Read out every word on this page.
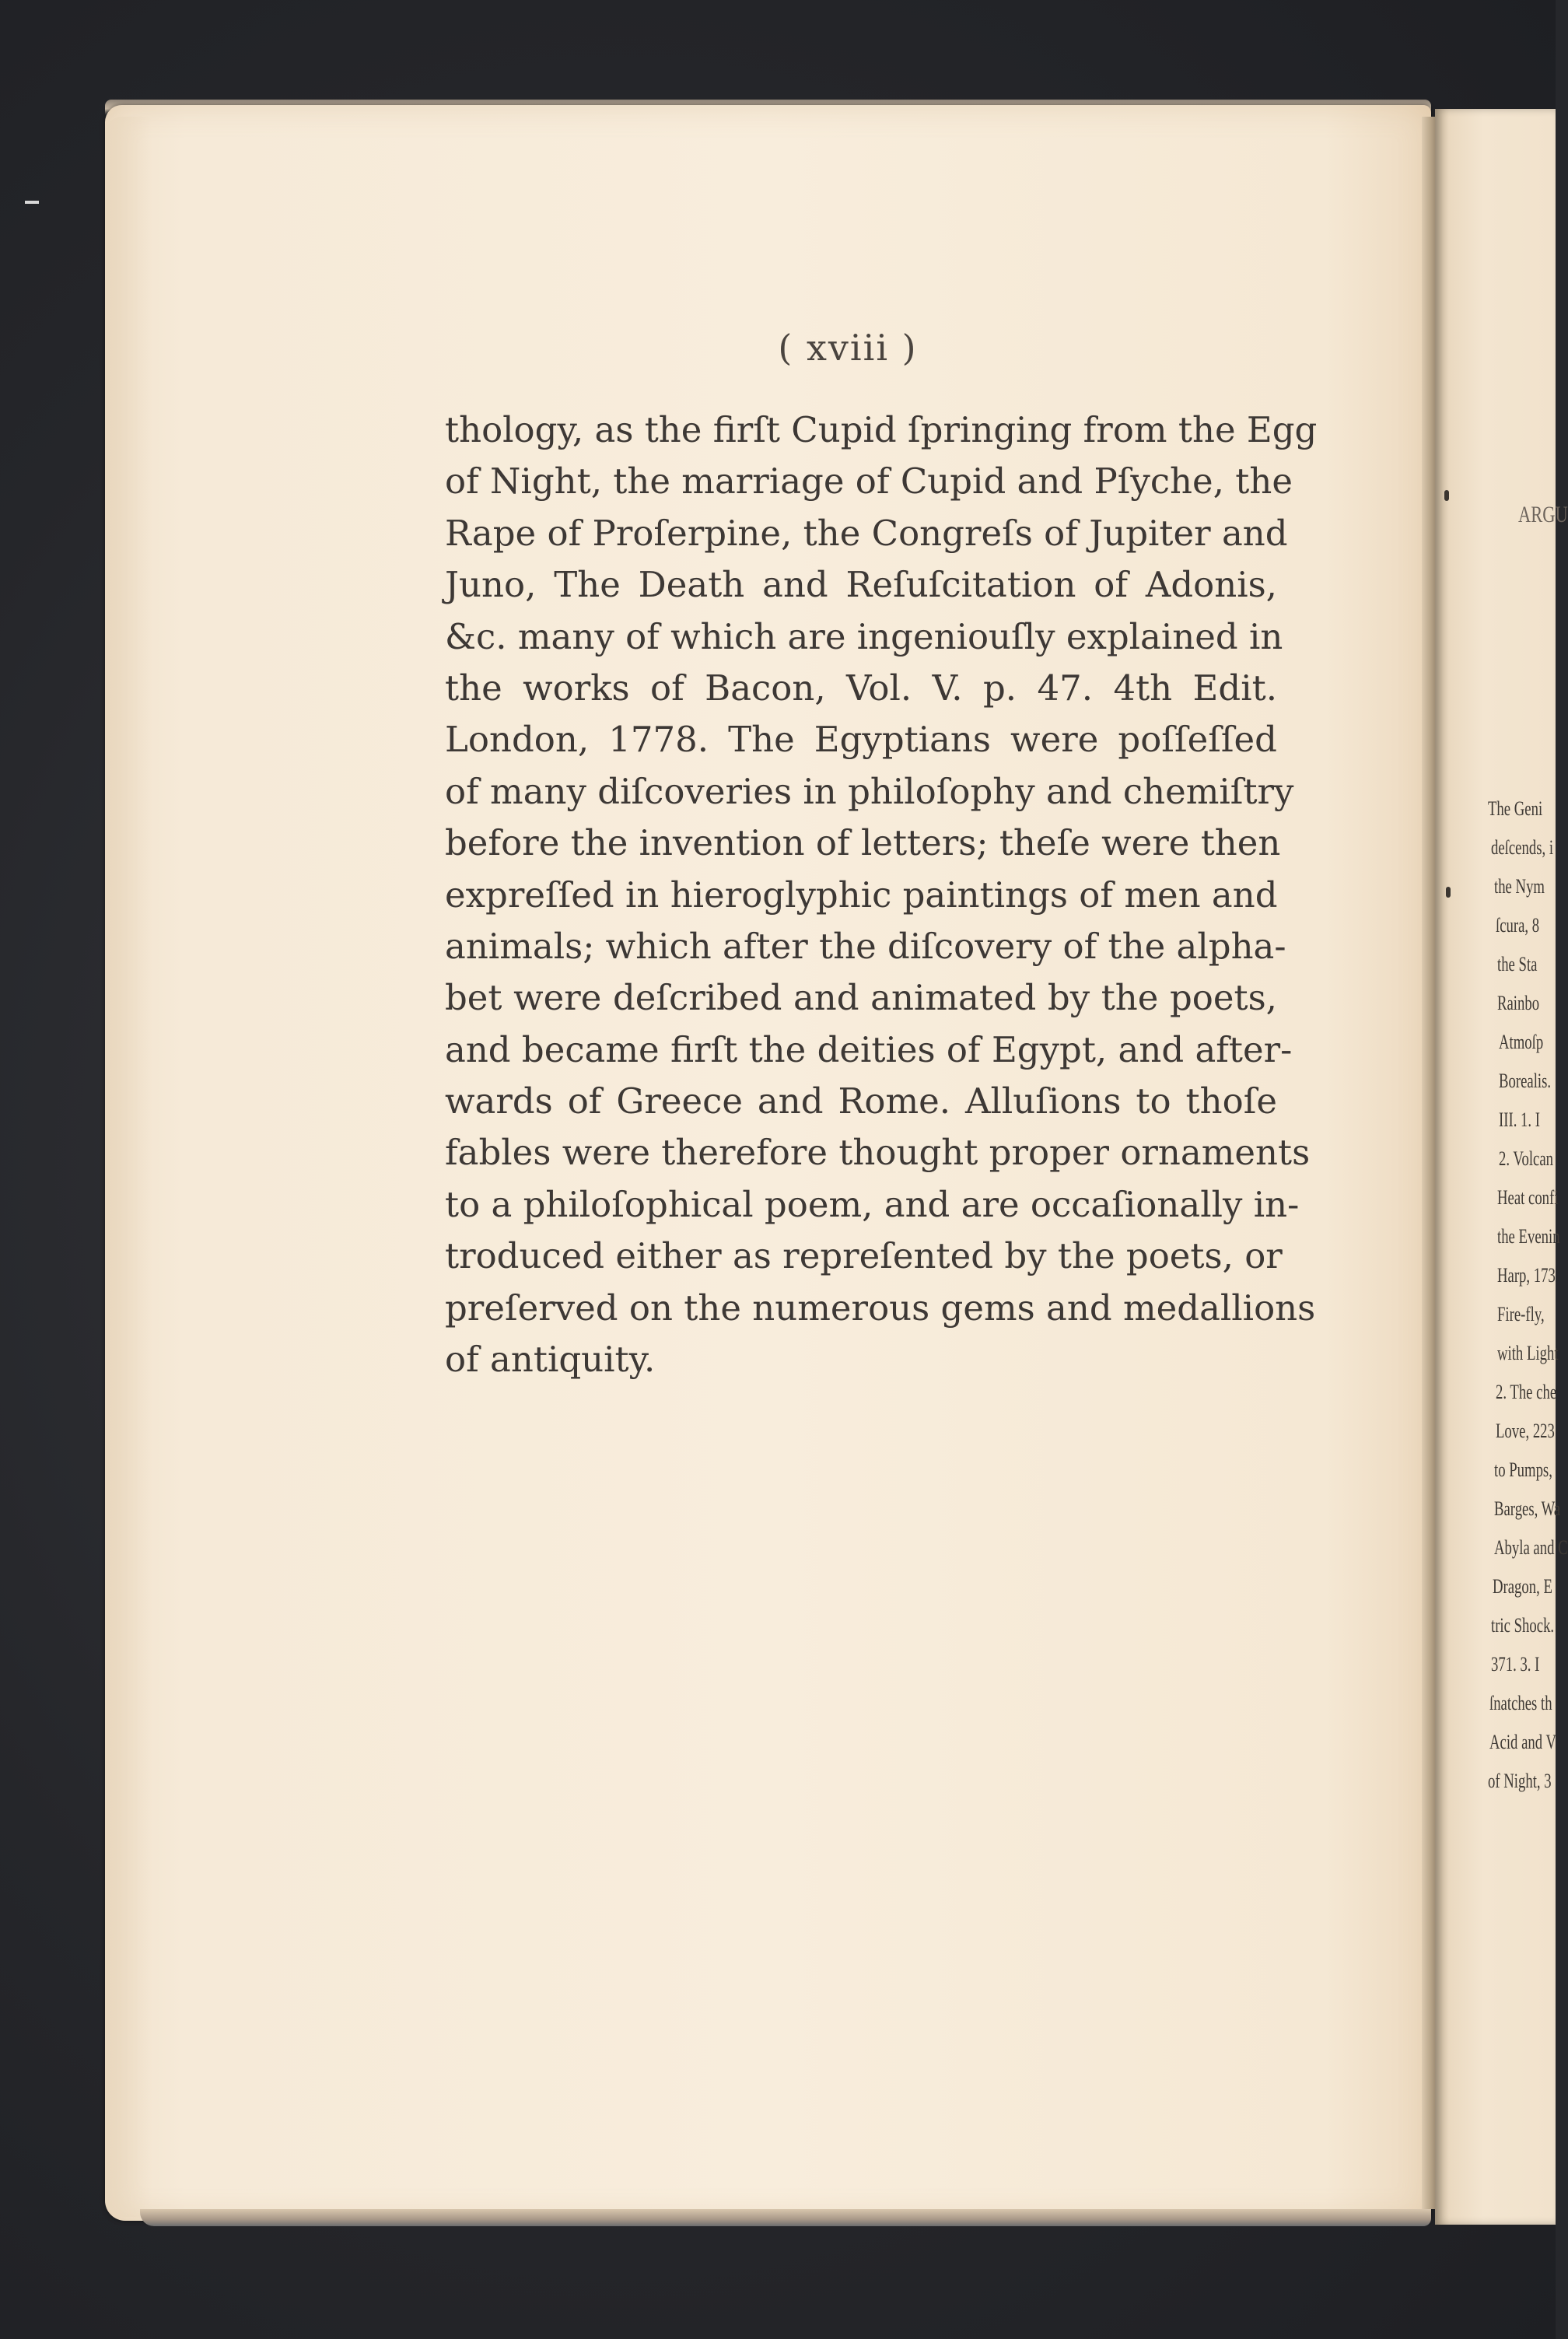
( xviii )
thology, as the firſt Cupid ſpringing from the Egg
of Night, the marriage of Cupid and Pſyche, the
Rape of Proſerpine, the Congreſs of Jupiter and
Juno, The Death and Reſuſcitation of Adonis,
&c. many of which are ingeniouſly explained in
the works of Bacon, Vol. V. p. 47. 4th Edit.
London, 1778. The Egyptians were poſſeſſed
of many diſcoveries in philoſophy and chemiſtry
before the invention of letters; theſe were then
expreſſed in hieroglyphic paintings of men and
animals; which after the diſcovery of the alpha-
bet were deſcribed and animated by the poets,
and became firſt the deities of Egypt, and after-
wards of Greece and Rome. Alluſions to thoſe
fables were therefore thought proper ornaments
to a philoſophical poem, and are occaſionally in-
troduced either as repreſented by the poets, or
preſerved on the numerous gems and medallions
of antiquity.
ARGU
The Geni
deſcends, i
the Nym
ſcura, 8
the Sta
Rainbo
Atmoſp
Borealis.
III. 1. I
2. Volcan
Heat confi
the Evenin
Harp, 173
Fire-fly,
with Light
2. The che
Love, 223
to Pumps,
Barges, Wa
Abyla and C
Dragon, E
tric Shock.
371. 3. I
ſnatches th
Acid and V
of Night, 3
